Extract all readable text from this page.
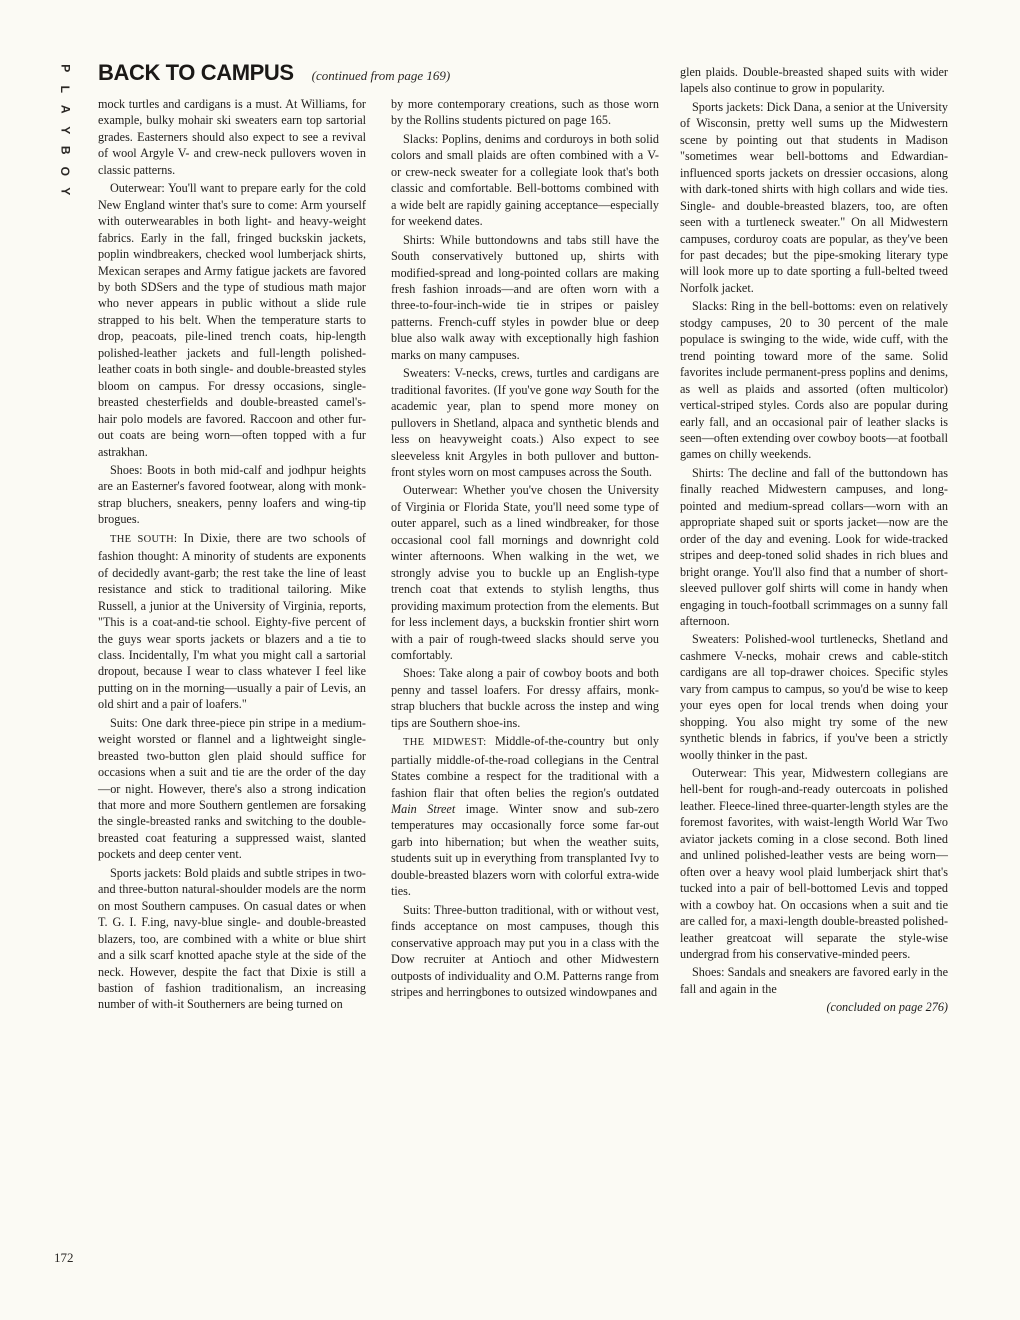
P
L
A
Y
B
O
Y
172
BACK TO CAMPUS (continued from page 169)

mock turtles and cardigans is a must. At Williams, for example, bulky mohair ski sweaters earn top sartorial grades. Easterners should also expect to see a revival of wool Argyle V- and crew-neck pullovers woven in classic patterns.

Outerwear: You'll want to prepare early for the cold New England winter that's sure to come: Arm yourself with outerwearables in both light- and heavy-weight fabrics. Early in the fall, fringed buckskin jackets, poplin windbreakers, checked wool lumberjack shirts, Mexican serapes and Army fatigue jackets are favored by both SDSers and the type of studious math major who never appears in public without a slide rule strapped to his belt. When the temperature starts to drop, peacoats, pile-lined trench coats, hip-length polished-leather jackets and full-length polished-leather coats in both single- and double-breasted styles bloom on campus. For dressy occasions, single-breasted chesterfields and double-breasted camel's-hair polo models are favored. Raccoon and other fur-out coats are being worn—often topped with a fur astrakhan.

Shoes: Boots in both mid-calf and jodhpur heights are an Easterner's favored footwear, along with monk-strap bluchers, sneakers, penny loafers and wing-tip brogues.

THE SOUTH: In Dixie, there are two schools of fashion thought: A minority of students are exponents of decidedly avant-garb; the rest take the line of least resistance and stick to traditional tailoring. Mike Russell, a junior at the University of Virginia, reports, "This is a coat-and-tie school. Eighty-five percent of the guys wear sports jackets or blazers and a tie to class. Incidentally, I'm what you might call a sartorial dropout, because I wear to class whatever I feel like putting on in the morning—usually a pair of Levis, an old shirt and a pair of loafers."

Suits: One dark three-piece pin stripe in a medium-weight worsted or flannel and a lightweight single-breasted two-button glen plaid should suffice for occasions when a suit and tie are the order of the day—or night. However, there's also a strong indication that more and more Southern gentlemen are forsaking the single-breasted ranks and switching to the double-breasted coat featuring a suppressed waist, slanted pockets and deep center vent.

Sports jackets: Bold plaids and subtle stripes in two- and three-button natural-shoulder models are the norm on most Southern campuses. On casual dates or when T. G. I. F.ing, navy-blue single- and double-breasted blazers, too, are combined with a white or blue shirt and a silk scarf knotted apache style at the side of the neck. However, despite the fact that Dixie is still a bastion of fashion traditionalism, an increasing number of with-it Southerners are being turned on

by more contemporary creations, such as those worn by the Rollins students pictured on page 165.

Slacks: Poplins, denims and corduroys in both solid colors and small plaids are often combined with a V- or crew-neck sweater for a collegiate look that's both classic and comfortable. Bell-bottoms combined with a wide belt are rapidly gaining acceptance—especially for weekend dates.

Shirts: While buttondowns and tabs still have the South conservatively buttoned up, shirts with modified-spread and long-pointed collars are making fresh fashion inroads—and are often worn with a three-to-four-inch-wide tie in stripes or paisley patterns. French-cuff styles in powder blue or deep blue also walk away with exceptionally high fashion marks on many campuses.

Sweaters: V-necks, crews, turtles and cardigans are traditional favorites. (If you've gone way South for the academic year, plan to spend more money on pullovers in Shetland, alpaca and synthetic blends and less on heavyweight coats.) Also expect to see sleeveless knit Argyles in both pullover and button-front styles worn on most campuses across the South.

Outerwear: Whether you've chosen the University of Virginia or Florida State, you'll need some type of outer apparel, such as a lined windbreaker, for those occasional cool fall mornings and downright cold winter afternoons. When walking in the wet, we strongly advise you to buckle up an English-type trench coat that extends to stylish lengths, thus providing maximum protection from the elements. But for less inclement days, a buckskin frontier shirt worn with a pair of rough-tweed slacks should serve you comfortably.

Shoes: Take along a pair of cowboy boots and both penny and tassel loafers. For dressy affairs, monk-strap bluchers that buckle across the instep and wing tips are Southern shoe-ins.

THE MIDWEST: Middle-of-the-country but only partially middle-of-the-road collegians in the Central States combine a respect for the traditional with a fashion flair that often belies the region's outdated Main Street image. Winter snow and sub-zero temperatures may occasionally force some far-out garb into hibernation; but when the weather suits, students suit up in everything from transplanted Ivy to double-breasted blazers worn with colorful extra-wide ties.

Suits: Three-button traditional, with or without vest, finds acceptance on most campuses, though this conservative approach may put you in a class with the Dow recruiter at Antioch and other Midwestern outposts of individuality and O.M. Patterns range from stripes and herringbones to outsized windowpanes and

glen plaids. Double-breasted shaped suits with wider lapels also continue to grow in popularity.

Sports jackets: Dick Dana, a senior at the University of Wisconsin, pretty well sums up the Midwestern scene by pointing out that students in Madison "sometimes wear bell-bottoms and Edwardian-influenced sports jackets on dressier occasions, along with dark-toned shirts with high collars and wide ties. Single- and double-breasted blazers, too, are often seen with a turtleneck sweater." On all Midwestern campuses, corduroy coats are popular, as they've been for past decades; but the pipe-smoking literary type will look more up to date sporting a full-belted tweed Norfolk jacket.

Slacks: Ring in the bell-bottoms: even on relatively stodgy campuses, 20 to 30 percent of the male populace is swinging to the wide, wide cuff, with the trend pointing toward more of the same. Solid favorites include permanent-press poplins and denims, as well as plaids and assorted (often multicolor) vertical-striped styles. Cords also are popular during early fall, and an occasional pair of leather slacks is seen—often extending over cowboy boots—at football games on chilly weekends.

Shirts: The decline and fall of the buttondown has finally reached Midwestern campuses, and long-pointed and medium-spread collars—worn with an appropriate shaped suit or sports jacket—now are the order of the day and evening. Look for wide-tracked stripes and deep-toned solid shades in rich blues and bright orange. You'll also find that a number of short-sleeved pullover golf shirts will come in handy when engaging in touch-football scrimmages on a sunny fall afternoon.

Sweaters: Polished-wool turtlenecks, Shetland and cashmere V-necks, mohair crews and cable-stitch cardigans are all top-drawer choices. Specific styles vary from campus to campus, so you'd be wise to keep your eyes open for local trends when doing your shopping. You also might try some of the new synthetic blends in fabrics, if you've been a strictly woolly thinker in the past.

Outerwear: This year, Midwestern collegians are hell-bent for rough-and-ready outercoats in polished leather. Fleece-lined three-quarter-length styles are the foremost favorites, with waist-length World War Two aviator jackets coming in a close second. Both lined and unlined polished-leather vests are being worn—often over a heavy wool plaid lumberjack shirt that's tucked into a pair of bell-bottomed Levis and topped with a cowboy hat. On occasions when a suit and tie are called for, a maxi-length double-breasted polished-leather greatcoat will separate the style-wise undergrad from his conservative-minded peers.

Shoes: Sandals and sneakers are favored early in the fall and again in the

(concluded on page 276)
